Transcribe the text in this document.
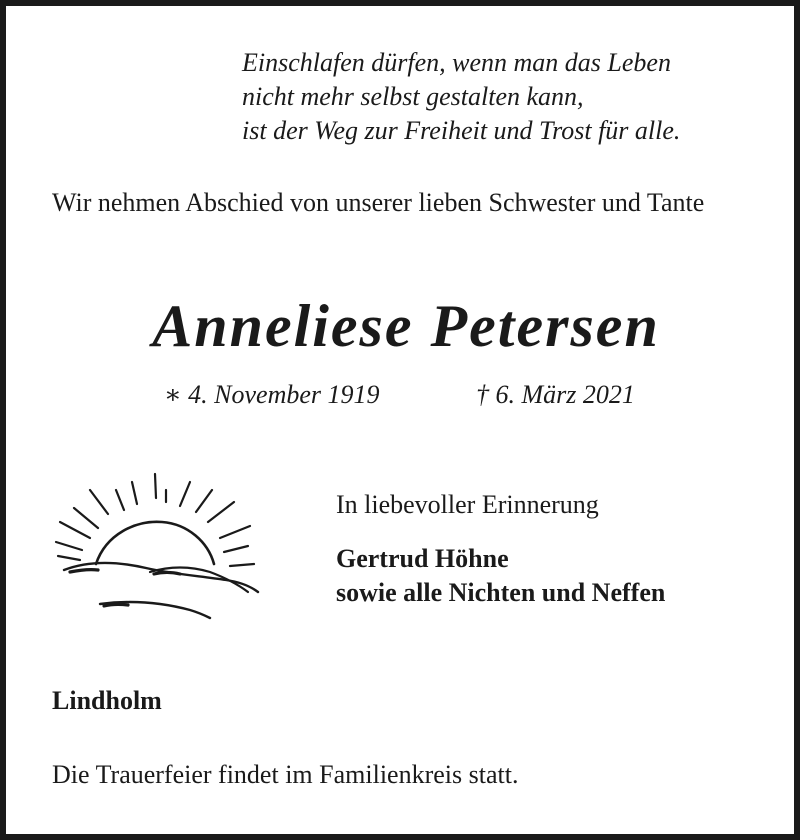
Einschlafen dürfen, wenn man das Leben
nicht mehr selbst gestalten kann,
ist der Weg zur Freiheit und Trost für alle.
Wir nehmen Abschied von unserer lieben Schwester und Tante
Anneliese Petersen
∗ 4. November 1919	† 6. März 2021
In liebevoller Erinnerung
Gertrud Höhne
sowie alle Nichten und Neffen
Lindholm
Die Trauerfeier findet im Familienkreis statt.
